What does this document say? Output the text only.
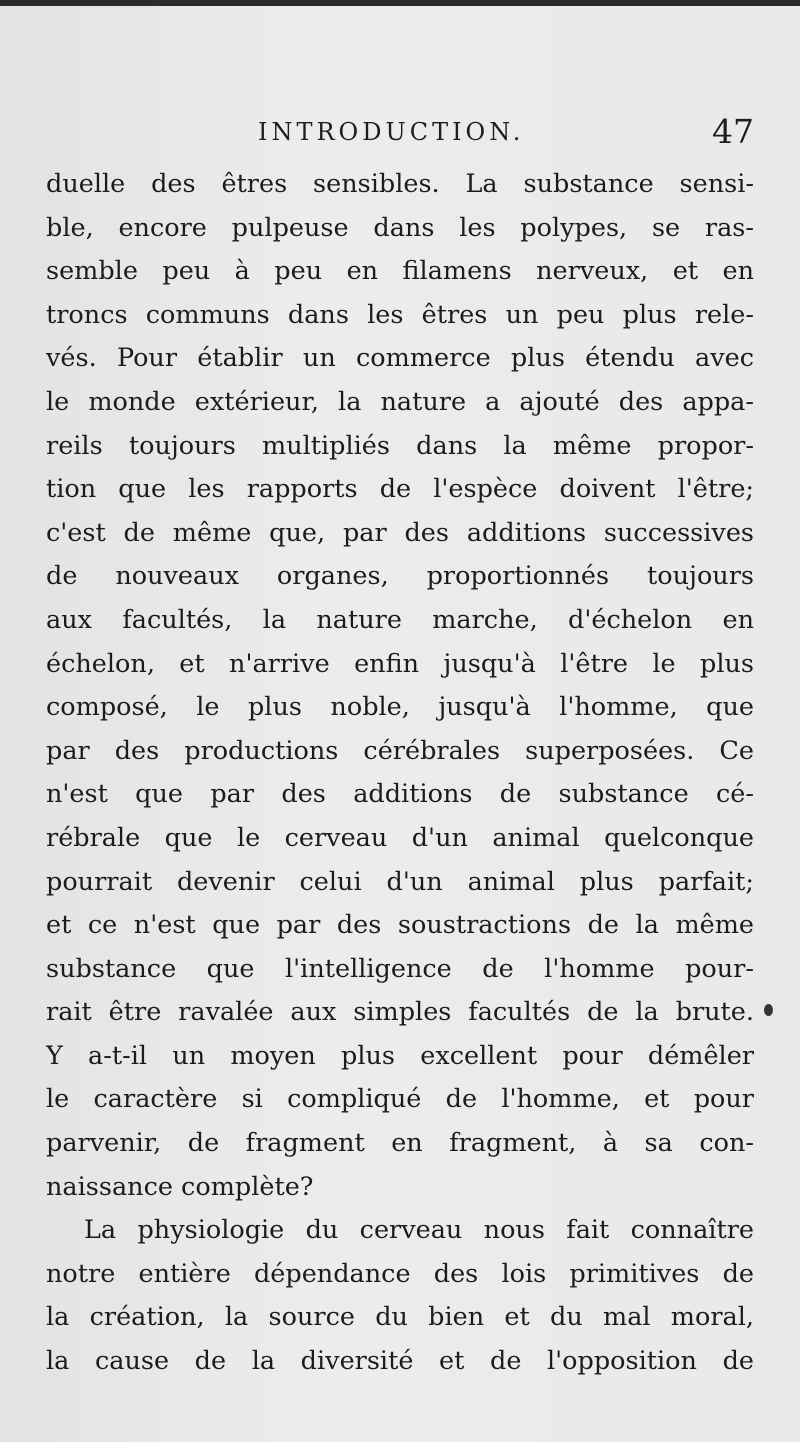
INTRODUCTION.	47
duelle des êtres sensibles. La substance sensi-
ble, encore pulpeuse dans les polypes, se ras-
semble peu à peu en filamens nerveux, et en
troncs communs dans les êtres un peu plus rele-
vés. Pour établir un commerce plus étendu avec
le monde extérieur, la nature a ajouté des appa-
reils toujours multipliés dans la même propor-
tion que les rapports de l'espèce doivent l'être;
c'est de même que, par des additions successives
de nouveaux organes, proportionnés toujours
aux facultés, la nature marche, d'échelon en
échelon, et n'arrive enfin jusqu'à l'être le plus
composé, le plus noble, jusqu'à l'homme, que
par des productions cérébrales superposées. Ce
n'est que par des additions de substance cé-
rébrale que le cerveau d'un animal quelconque
pourrait devenir celui d'un animal plus parfait;
et ce n'est que par des soustractions de la même
substance que l'intelligence de l'homme pour-
rait être ravalée aux simples facultés de la brute.
Y a-t-il un moyen plus excellent pour démêler
le caractère si compliqué de l'homme, et pour
parvenir, de fragment en fragment, à sa con-
naissance complète?
La physiologie du cerveau nous fait connaître
notre entière dépendance des lois primitives de
la création, la source du bien et du mal moral,
la cause de la diversité et de l'opposition de
